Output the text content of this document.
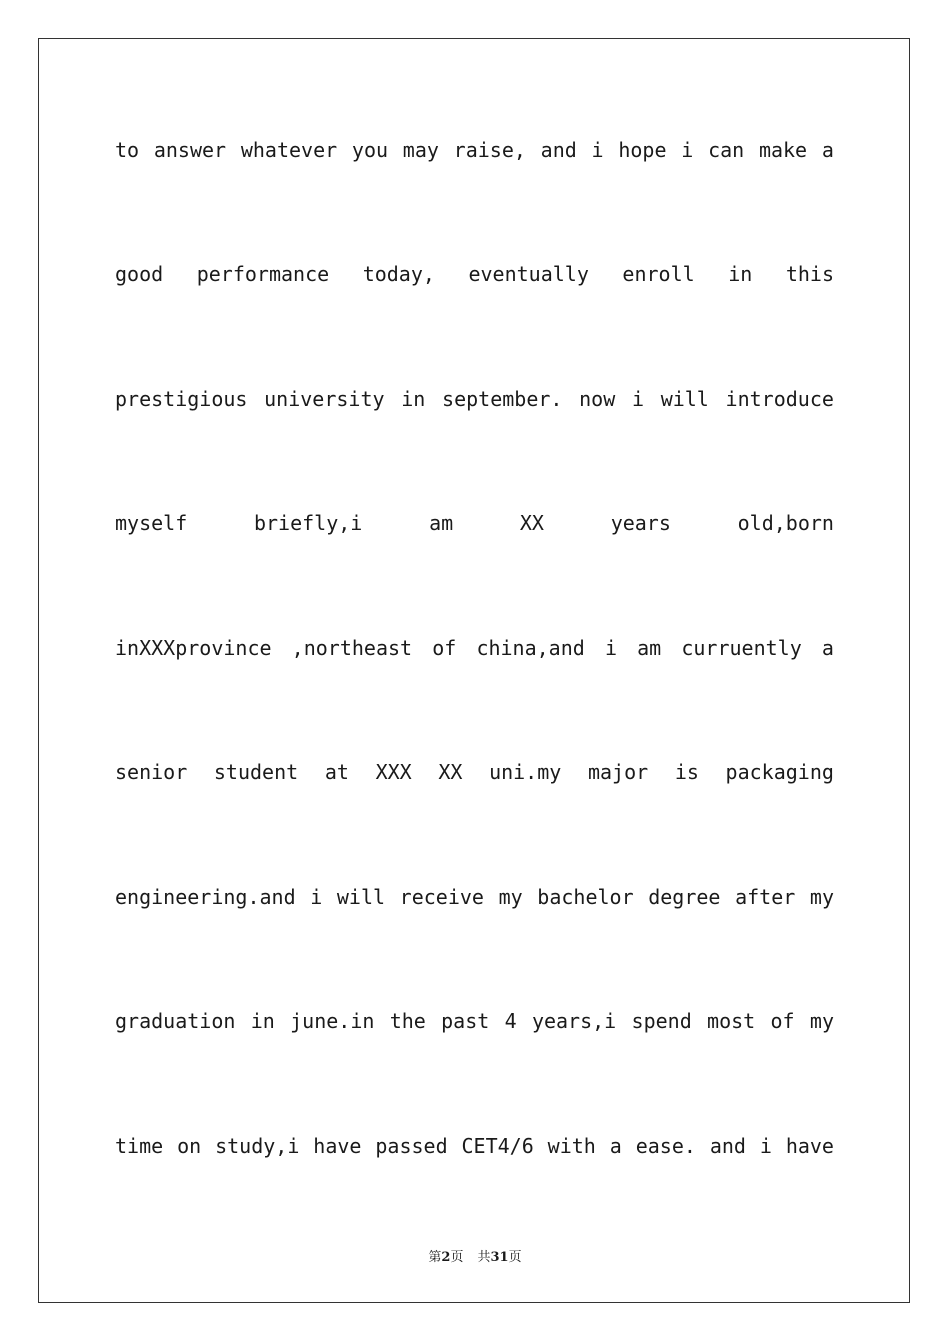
to answer whatever you may raise, and i hope i can make a
good performance today, eventually enroll in this
prestigious university in september. now i will introduce
myself	briefly,i	am	XX	years	old,born
inXXXprovince ,northeast of china,and i am curruently a
senior student at XXX XX uni.my major is packaging
engineering.and i will receive my bachelor degree after my
graduation in june.in the past 4 years,i spend most of my
time on study,i have passed CET4/6 with a ease. and i have
第2页 共31页
